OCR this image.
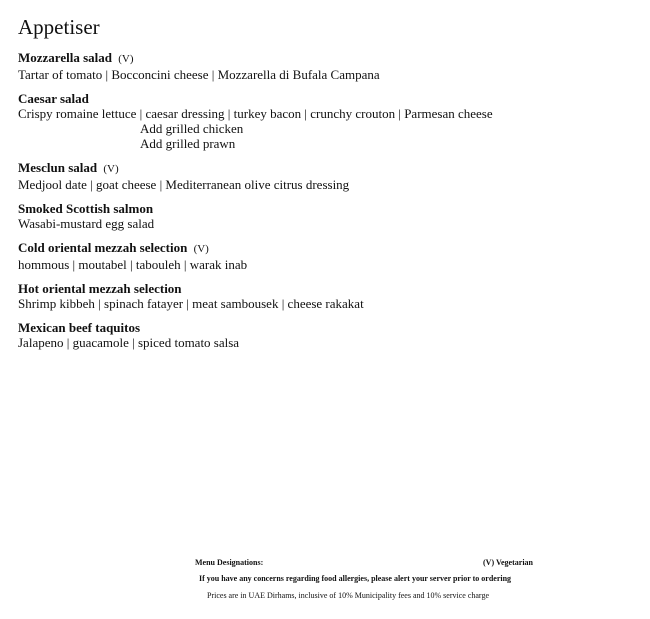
Appetiser
Mozzarella salad (V)
Tartar of tomato | Bocconcini cheese | Mozzarella di Bufala Campana
Caesar salad
Crispy romaine lettuce | caesar dressing | turkey bacon | crunchy crouton | Parmesan cheese
Add grilled chicken
Add grilled prawn
Mesclun salad (V)
Medjool date | goat cheese | Mediterranean olive citrus dressing
Smoked Scottish salmon
Wasabi-mustard egg salad
Cold oriental mezzah selection (V)
hommous | moutabel | tabouleh | warak inab
Hot oriental mezzah selection
Shrimp kibbeh | spinach fatayer | meat sambousek | cheese rakakat
Mexican beef taquitos
Jalapeno | guacamole | spiced tomato salsa
Menu Designations:	(V) Vegetarian
If you have any concerns regarding food allergies, please alert your server prior to ordering
Prices are in UAE Dirhams, inclusive of 10% Municipality fees and 10% service charge
